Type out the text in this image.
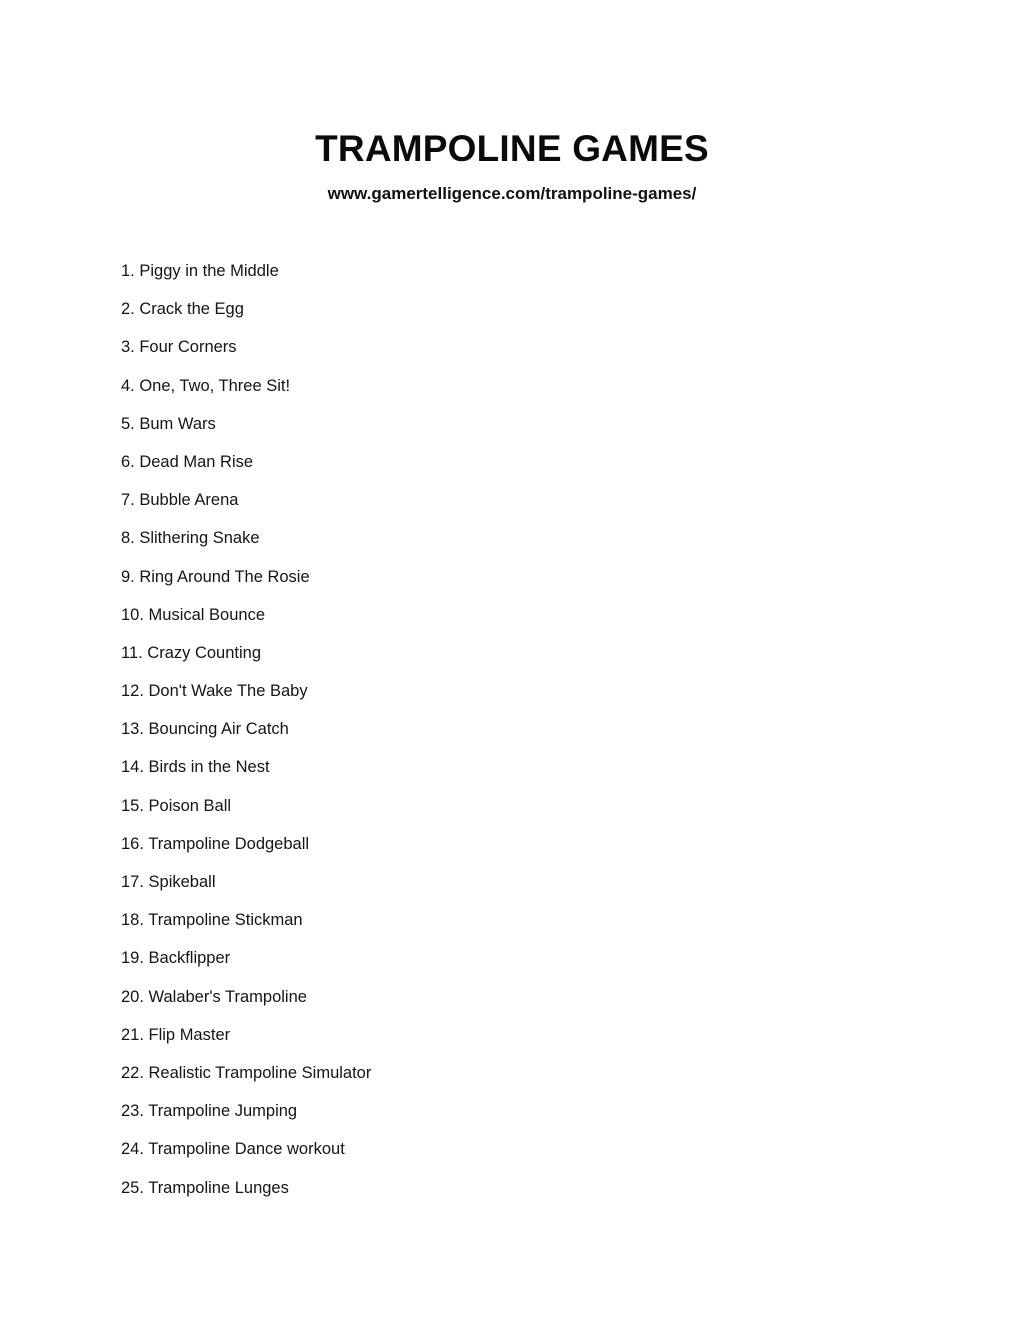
TRAMPOLINE GAMES
www.gamertelligence.com/trampoline-games/
1. Piggy in the Middle
2. Crack the Egg
3. Four Corners
4. One, Two, Three Sit!
5. Bum Wars
6. Dead Man Rise
7. Bubble Arena
8. Slithering Snake
9. Ring Around The Rosie
10. Musical Bounce
11. Crazy Counting
12. Don't Wake The Baby
13. Bouncing Air Catch
14. Birds in the Nest
15. Poison Ball
16. Trampoline Dodgeball
17. Spikeball
18. Trampoline Stickman
19. Backflipper
20. Walaber's Trampoline
21. Flip Master
22. Realistic Trampoline Simulator
23. Trampoline Jumping
24. Trampoline Dance workout
25. Trampoline Lunges
